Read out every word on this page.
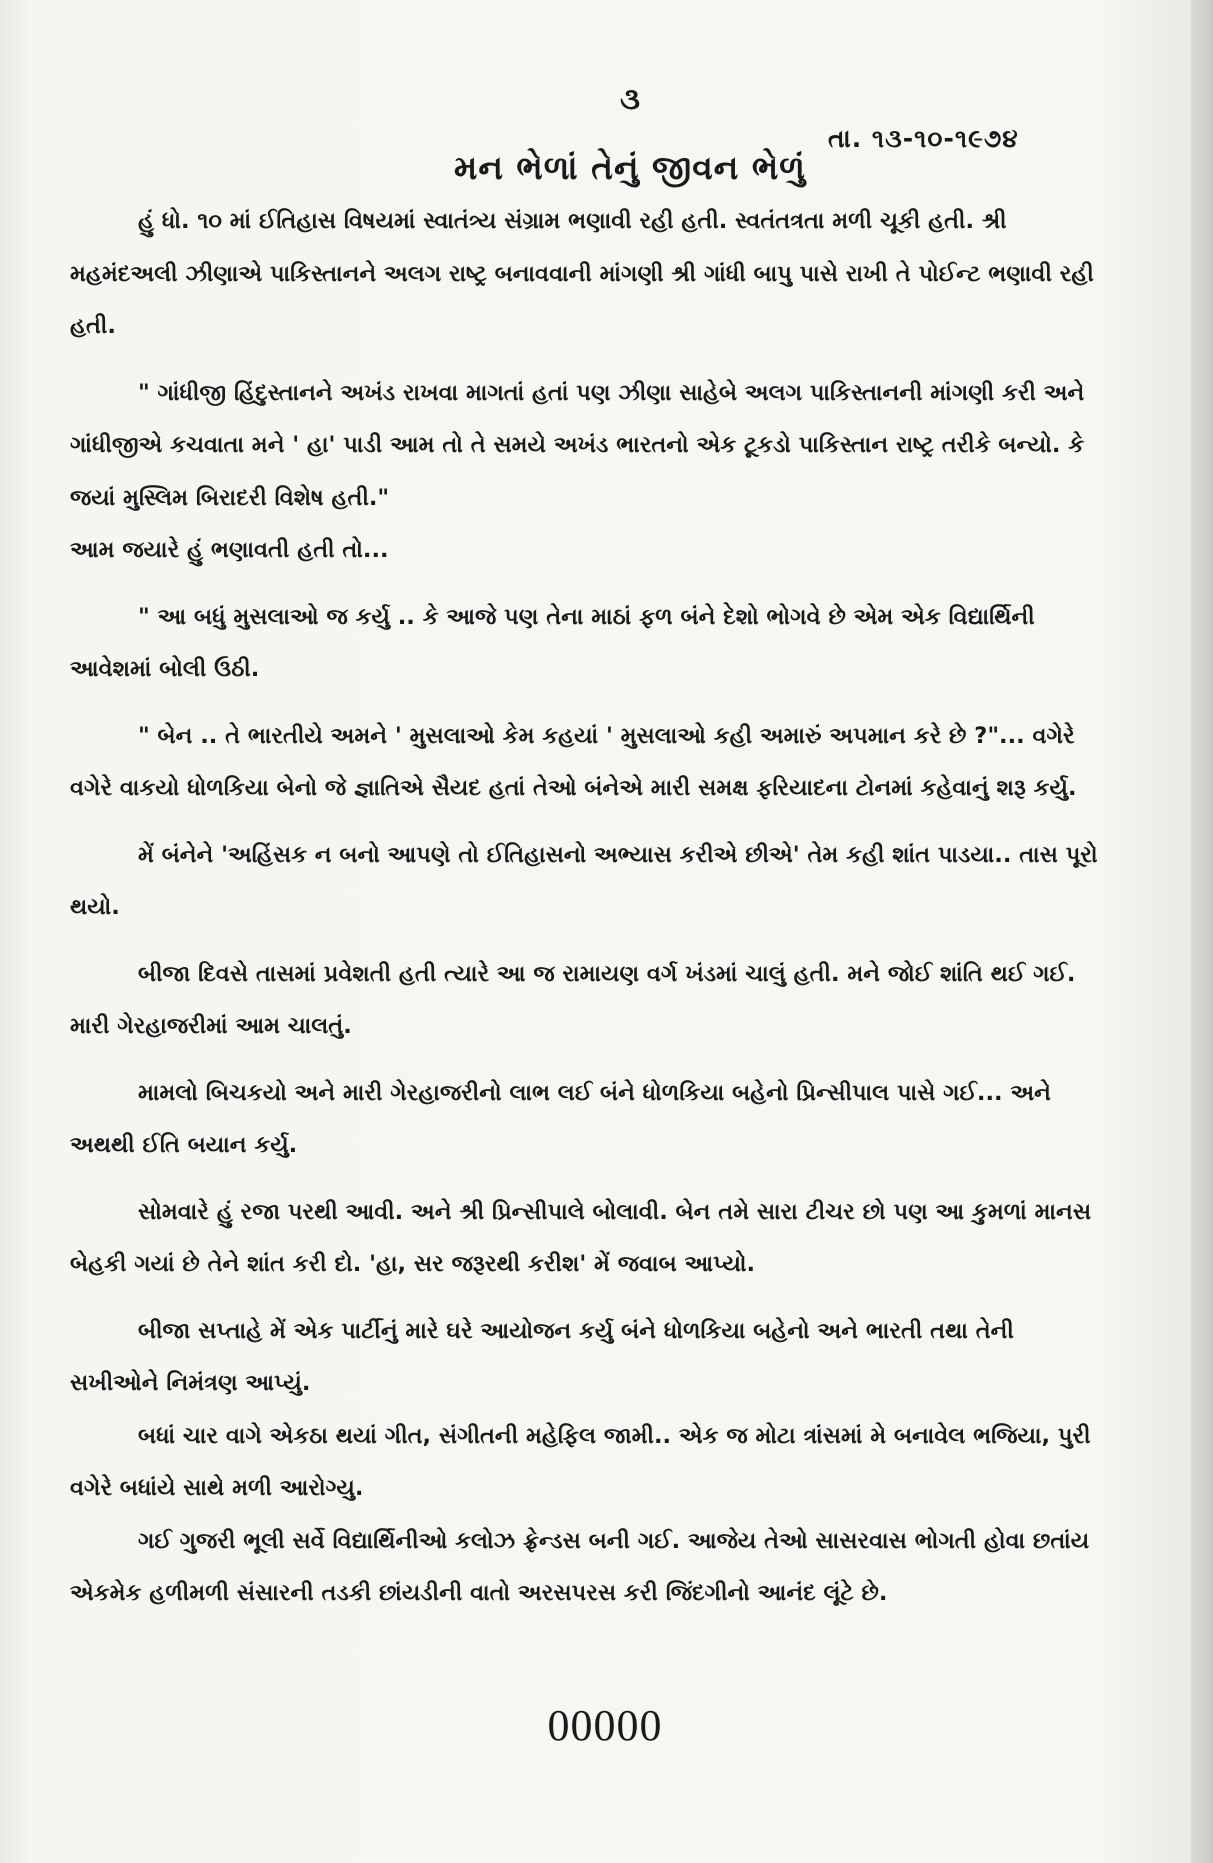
૩
તા. ૧૩-૧૦-૧૯૭૪
મન ભેળાં તેનું જીવન ભેળું

હું ધો. ૧૦ માં ઈતિહાસ વિષયમાં સ્વાતંત્ર્ય સંગ્રામ ભણાવી રહી હતી. સ્વતંતત્રતા મળી ચૂકી હતી. શ્રી મહમંદઅલી ઝીણાએ પાકિસ્તાનને અલગ રાષ્ટ્ર બનાવવાની માંગણી શ્રી ગાંધી બાપુ પાસે રાખી તે પોઈન્ટ ભણાવી રહી હતી.

" ગાંધીજી હિંદુસ્તાનને અખંડ રાખવા માગતાં હતાં પણ ઝીણા સાહેબે અલગ પાકિસ્તાનની માંગણી કરી અને ગાંધીજીએ કચવાતા મને ' હા' પાડી આમ તો તે સમયે અખંડ ભારતનો એક ટૂકડો પાકિસ્તાન રાષ્ટ્ર તરીકે બન્યો. કે જયાં મુસ્લિમ બિરાદરી વિશેષ હતી."

આમ જયારે હું ભણાવતી હતી તો...

" આ બધું મુસલાઓ જ કર્યુ .. કે આજે પણ તેના માઠાં ફળ બંને દેશો ભોગવે છે એમ એક વિદ્યાર્થિની આવેશમાં બોલી ઉઠી.

" બેન .. તે ભારતીયે અમને ' મુસલાઓ કેમ કહયાં ' મુસલાઓ કહી અમારું અપમાન કરે છે ?"... વગેરે વગેરે વાકયો ધોળકિયા બેનો જે જ્ઞાતિએ સૈયદ હતાં તેઓ બંનેએ મારી સમક્ષ ફરિયાદના ટોનમાં કહેવાનું શરૂ કર્યુ.

મેં બંનેને 'અહિંસક ન બનો આપણે તો ઈતિહાસનો અભ્યાસ કરીએ છીએ' તેમ કહી શાંત પાડયા.. તાસ પૂરો થયો.

બીજા દિવસે તાસમાં પ્રવેશતી હતી ત્યારે આ જ રામાયણ વર્ગ ખંડમાં ચાલું હતી. મને જોઈ શાંતિ થઈ ગઈ. મારી ગેરહાજરીમાં આમ ચાલતું.

મામલો બિચકયો અને મારી ગેરહાજરીનો લાભ લઈ બંને ધોળકિયા બહેનો પ્રિન્સીપાલ પાસે ગઈ... અને અથથી ઈતિ બયાન કર્યુ.

સોમવારે હું રજા પરથી આવી. અને શ્રી પ્રિન્સીપાલે બોલાવી. બેન તમે સારા ટીચર છો પણ આ કુમળાં માનસ બેહકી ગયાં છે તેને શાંત કરી દો. 'હા, સર જરૂરથી કરીશ' મેં જવાબ આપ્યો.

બીજા સપ્તાહે મેં એક પાર્ટીનું મારે ઘરે આયોજન કર્યુ બંને ધોળકિયા બહેનો અને ભારતી તથા તેની સખીઓને નિમંત્રણ આપ્યું.

બધાં ચાર વાગે એકઠા થયાં ગીત, સંગીતની મહેફિલ જામી.. એક જ મોટા ત્રાંસમાં મે બનાવેલ ભજિયા, પુરી વગેરે બધાંયે સાથે મળી આરોગ્યુ.

ગઈ ગુજરી ભૂલી સર્વે વિદ્યાર્થિનીઓ કલોઝ ફ્રેન્ડસ બની ગઈ. આજેય તેઓ સાસરવાસ ભોગતી હોવા છતાંય એકમેક હળીમળી સંસારની તડકી છાંયડીની વાતો અરસપરસ કરી જિંદગીનો આનંદ લૂંટે છે.

00000
